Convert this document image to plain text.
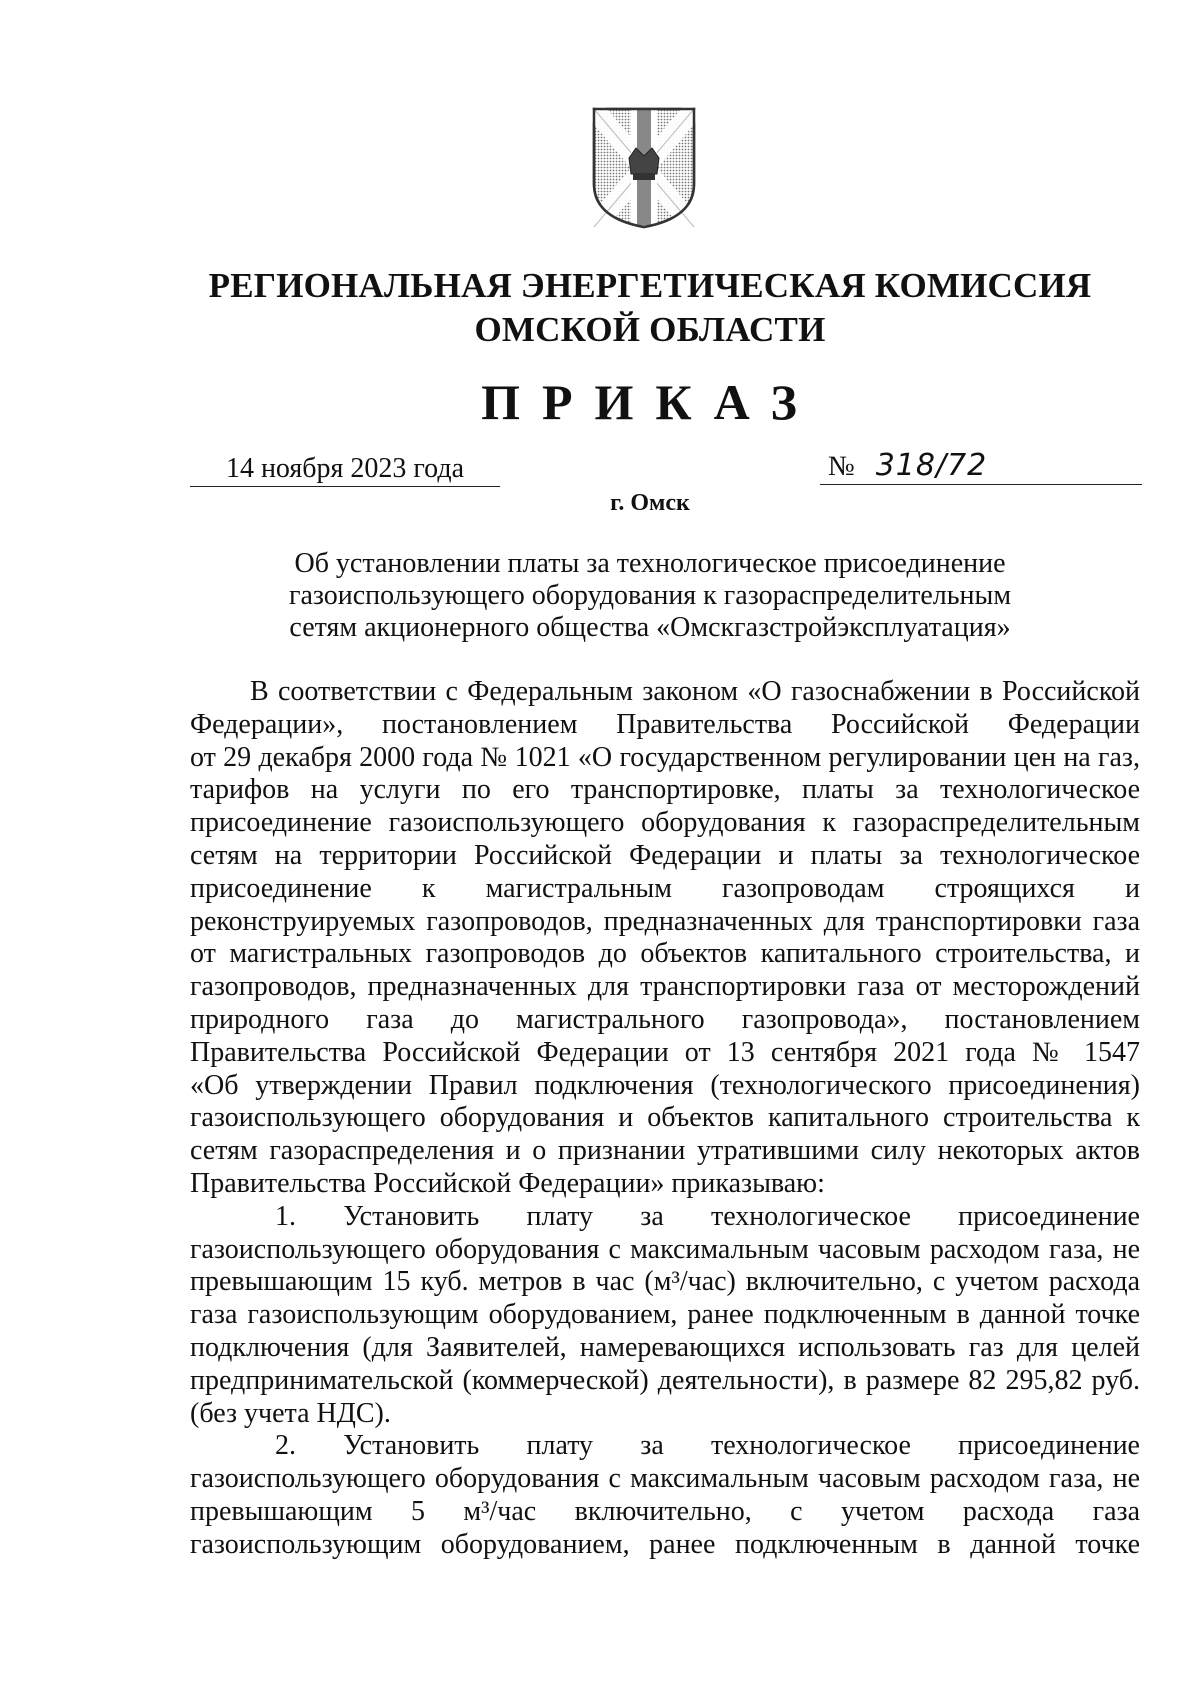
РЕГИОНАЛЬНАЯ ЭНЕРГЕТИЧЕСКАЯ КОМИССИЯ
ОМСКОЙ ОБЛАСТИ
ПРИКАЗ
14 ноября 2023 года	№ 318/72
г. Омск
Об установлении платы за технологическое присоединение
газоиспользующего оборудования к газораспределительным
сетям акционерного общества «Омскгазстройэксплуатация»
В соответствии с Федеральным законом «О газоснабжении в Российской
Федерации», постановлением Правительства Российской Федерации
от 29 декабря 2000 года № 1021 «О государственном регулировании цен на газ,
тарифов на услуги по его транспортировке, платы за технологическое
присоединение газоиспользующего оборудования к газораспределительным
сетям на территории Российской Федерации и платы за технологическое
присоединение к магистральным газопроводам строящихся и
реконструируемых газопроводов, предназначенных для транспортировки газа
от магистральных газопроводов до объектов капитального строительства, и
газопроводов, предназначенных для транспортировки газа от месторождений
природного газа до магистрального газопровода», постановлением
Правительства Российской Федерации от 13 сентября 2021 года № 1547
«Об утверждении Правил подключения (технологического присоединения)
газоиспользующего оборудования и объектов капитального строительства к
сетям газораспределения и о признании утратившими силу некоторых актов
Правительства Российской Федерации» приказываю:
1. Установить плату за технологическое присоединение
газоиспользующего оборудования с максимальным часовым расходом газа, не
превышающим 15 куб. метров в час (м³/час) включительно, с учетом расхода
газа газоиспользующим оборудованием, ранее подключенным в данной точке
подключения (для Заявителей, намеревающихся использовать газ для целей
предпринимательской (коммерческой) деятельности), в размере 82 295,82 руб.
(без учета НДС).
2. Установить плату за технологическое присоединение
газоиспользующего оборудования с максимальным часовым расходом газа, не
превышающим 5 м³/час включительно, с учетом расхода газа
газоиспользующим оборудованием, ранее подключенным в данной точке
